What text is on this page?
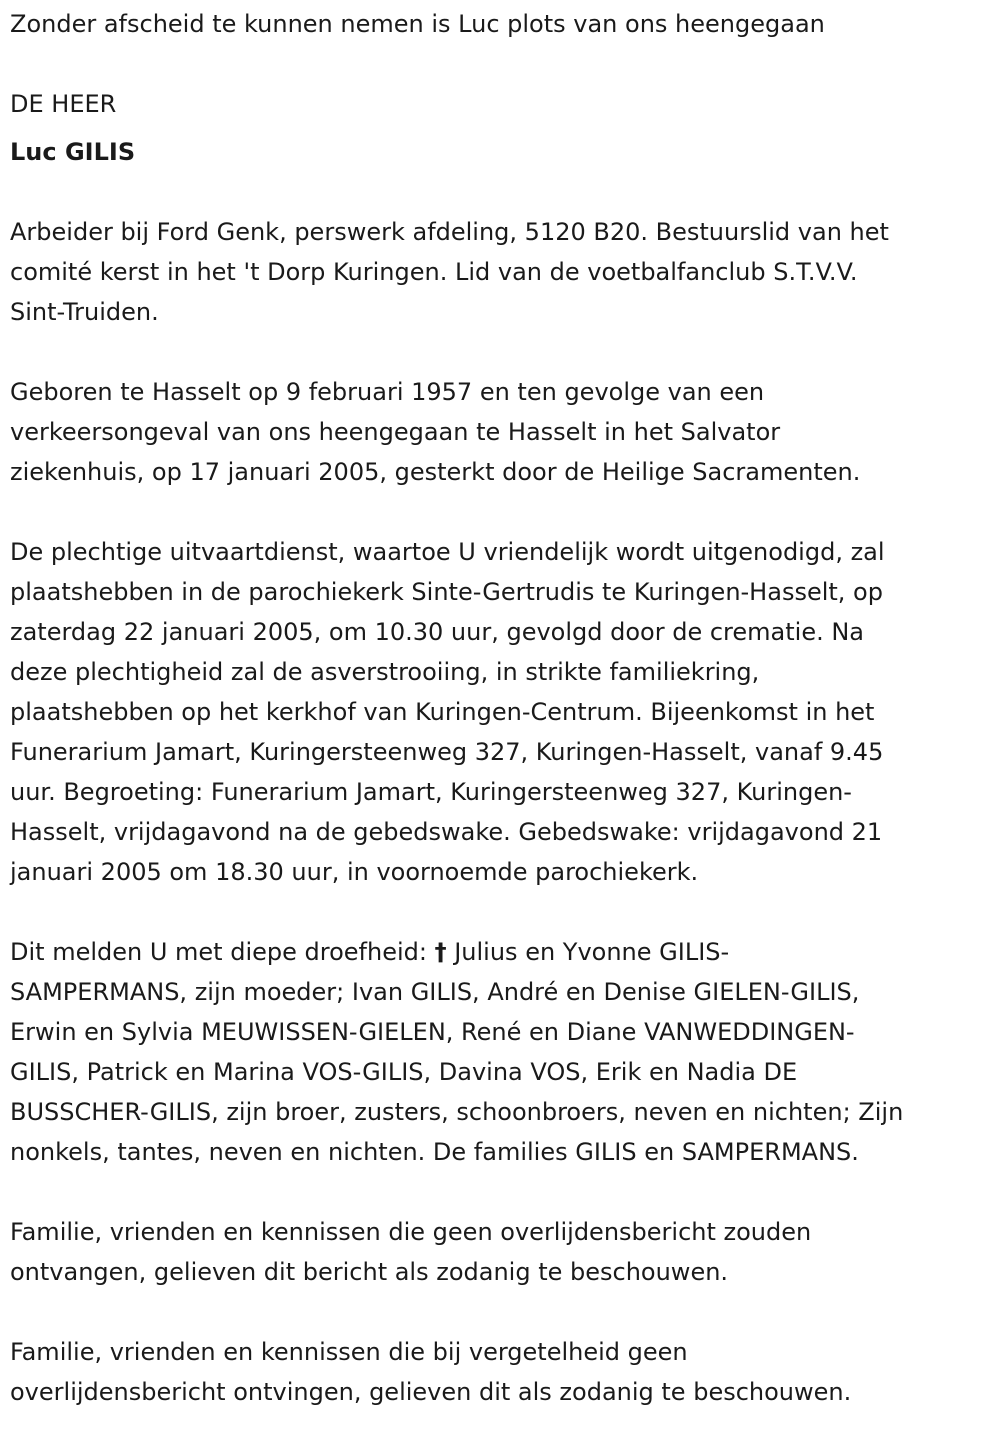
Zonder afscheid te kunnen nemen is Luc plots van ons heengegaan

DE HEER

Luc GILIS

Arbeider bij Ford Genk, perswerk afdeling, 5120 B20. Bestuurslid van het

comité kerst in het 't Dorp Kuringen. Lid van de voetbalfanclub S.T.V.V.

Sint-Truiden.

Geboren te Hasselt op 9 februari 1957 en ten gevolge van een

verkeersongeval van ons heengegaan te Hasselt in het Salvator

ziekenhuis, op 17 januari 2005, gesterkt door de Heilige Sacramenten.

De plechtige uitvaartdienst, waartoe U vriendelijk wordt uitgenodigd, zal

plaatshebben in de parochiekerk Sinte-Gertrudis te Kuringen-Hasselt, op

zaterdag 22 januari 2005, om 10.30 uur, gevolgd door de crematie. Na

deze plechtigheid zal de asverstrooiing, in strikte familiekring,

plaatshebben op het kerkhof van Kuringen-Centrum. Bijeenkomst in het

Funerarium Jamart, Kuringersteenweg 327, Kuringen-Hasselt, vanaf 9.45

uur. Begroeting: Funerarium Jamart, Kuringersteenweg 327, Kuringen-

Hasselt, vrijdagavond na de gebedswake. Gebedswake: vrijdagavond 21

januari 2005 om 18.30 uur, in voornoemde parochiekerk.

Dit melden U met diepe droefheid: † Julius en Yvonne GILIS-

SAMPERMANS, zijn moeder; Ivan GILIS, André en Denise GIELEN-GILIS,

Erwin en Sylvia MEUWISSEN-GIELEN, René en Diane VANWEDDINGEN-

GILIS, Patrick en Marina VOS-GILIS, Davina VOS, Erik en Nadia DE

BUSSCHER-GILIS, zijn broer, zusters, schoonbroers, neven en nichten; Zijn

nonkels, tantes, neven en nichten. De families GILIS en SAMPERMANS.

Familie, vrienden en kennissen die geen overlijdensbericht zouden

ontvangen, gelieven dit bericht als zodanig te beschouwen.

Familie, vrienden en kennissen die bij vergetelheid geen

overlijdensbericht ontvingen, gelieven dit als zodanig te beschouwen.
